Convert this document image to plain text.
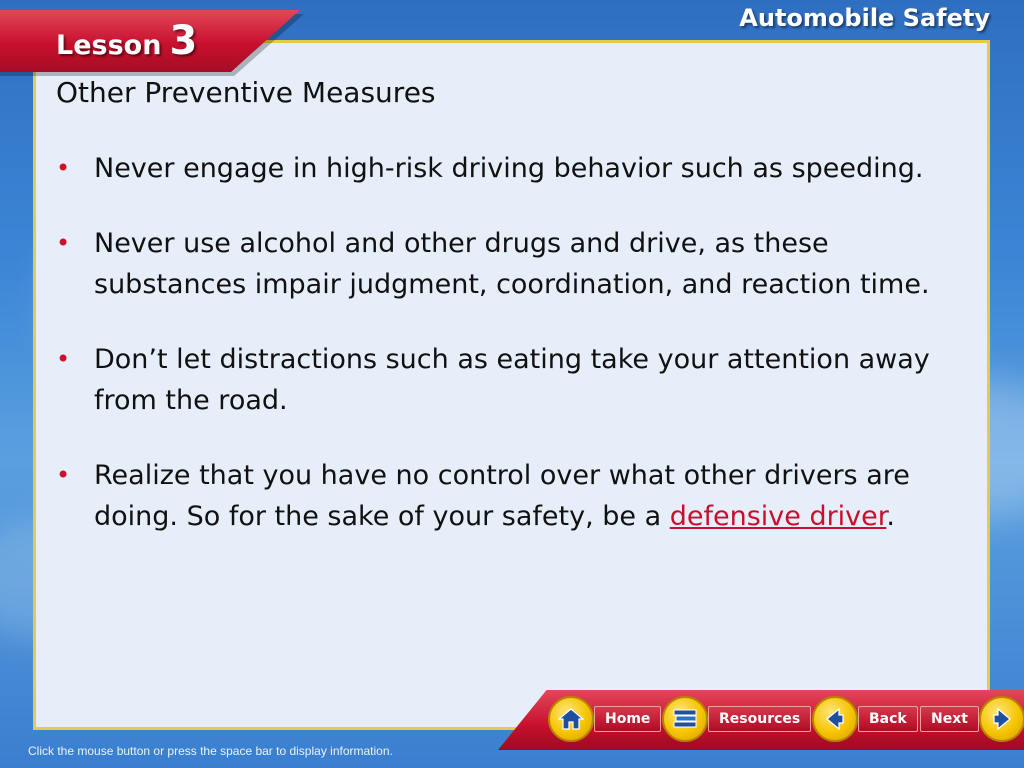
Lesson 3	Automobile Safety
Other Preventive Measures
• Never engage in high-risk driving behavior such as speeding.
• Never use alcohol and other drugs and drive, as these substances impair judgment, coordination, and reaction time.
• Don’t let distractions such as eating take your attention away from the road.
• Realize that you have no control over what other drivers are doing. So for the sake of your safety, be a defensive driver.
Home	Resources	Back	Next
Click the mouse button or press the space bar to display information.
